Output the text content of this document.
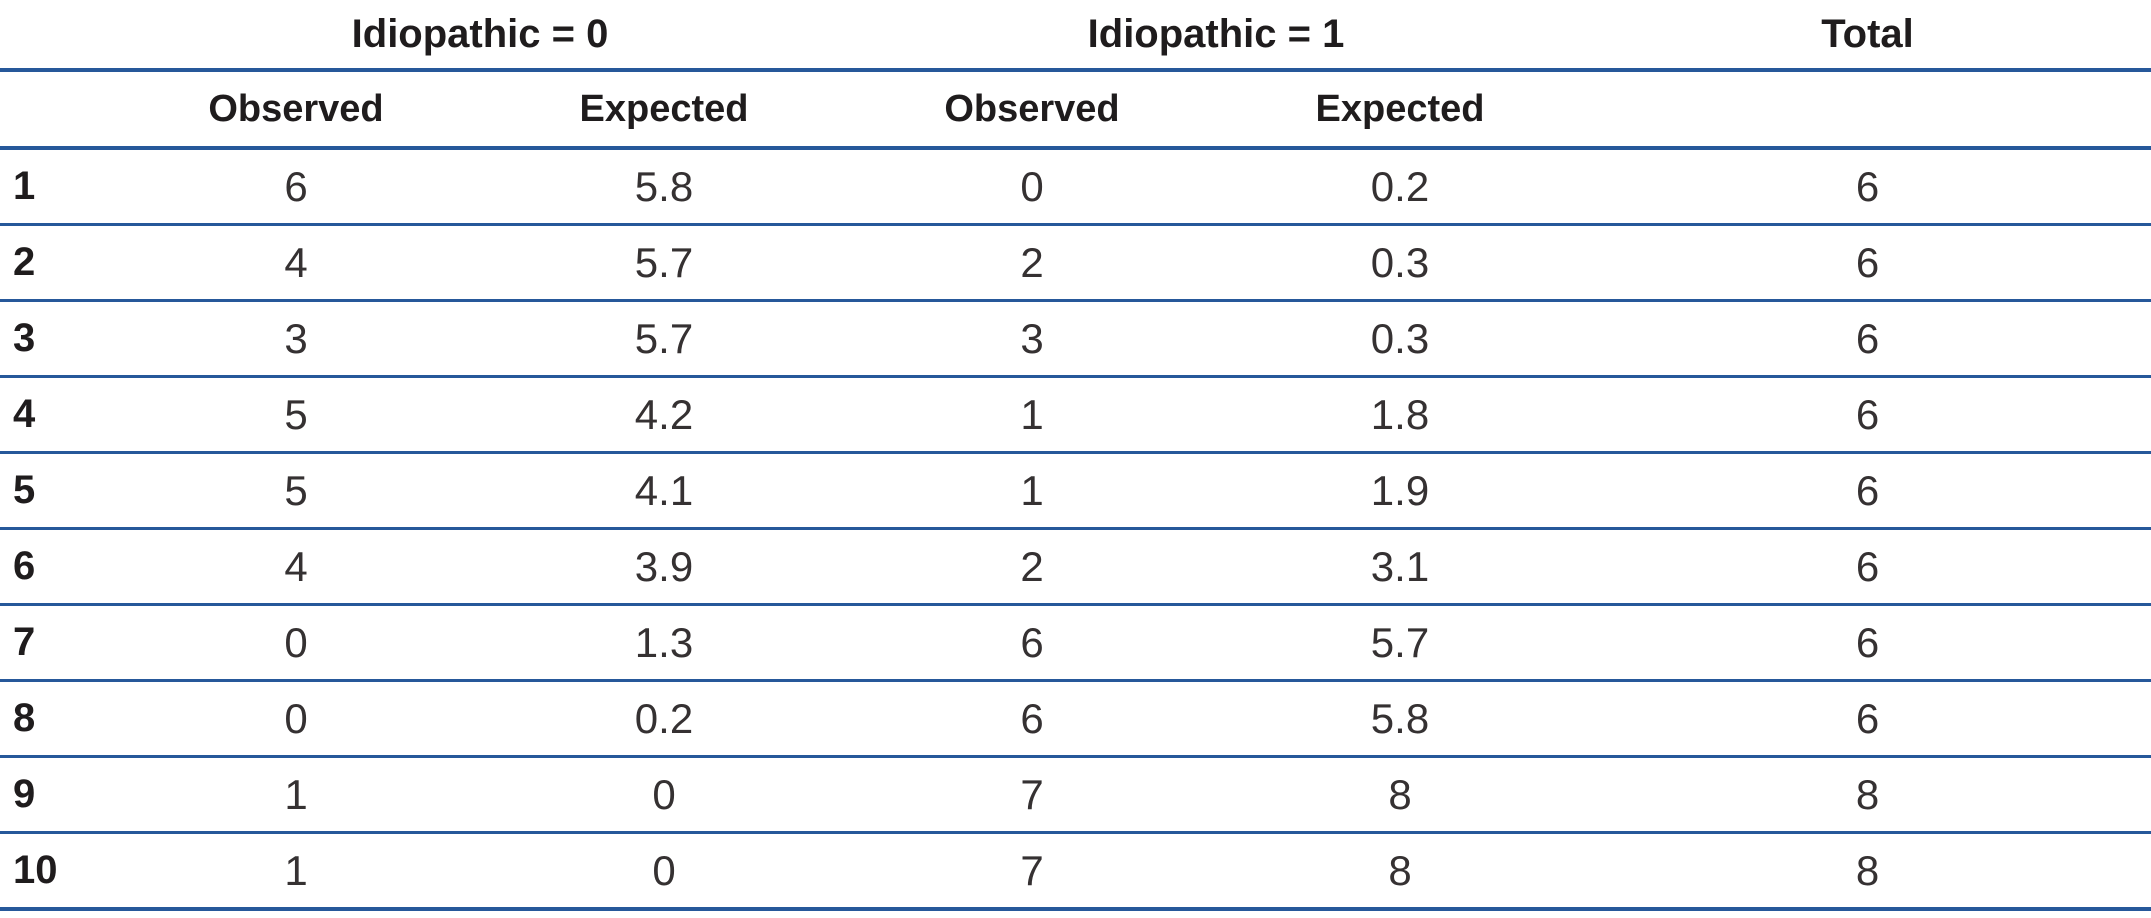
	Idiopathic = 0		Idiopathic = 1		Total
	Observed	Expected	Observed	Expected	
1	6	5.8	0	0.2	6
2	4	5.7	2	0.3	6
3	3	5.7	3	0.3	6
4	5	4.2	1	1.8	6
5	5	4.1	1	1.9	6
6	4	3.9	2	3.1	6
7	0	1.3	6	5.7	6
8	0	0.2	6	5.8	6
9	1	0	7	8	8
10	1	0	7	8	8
